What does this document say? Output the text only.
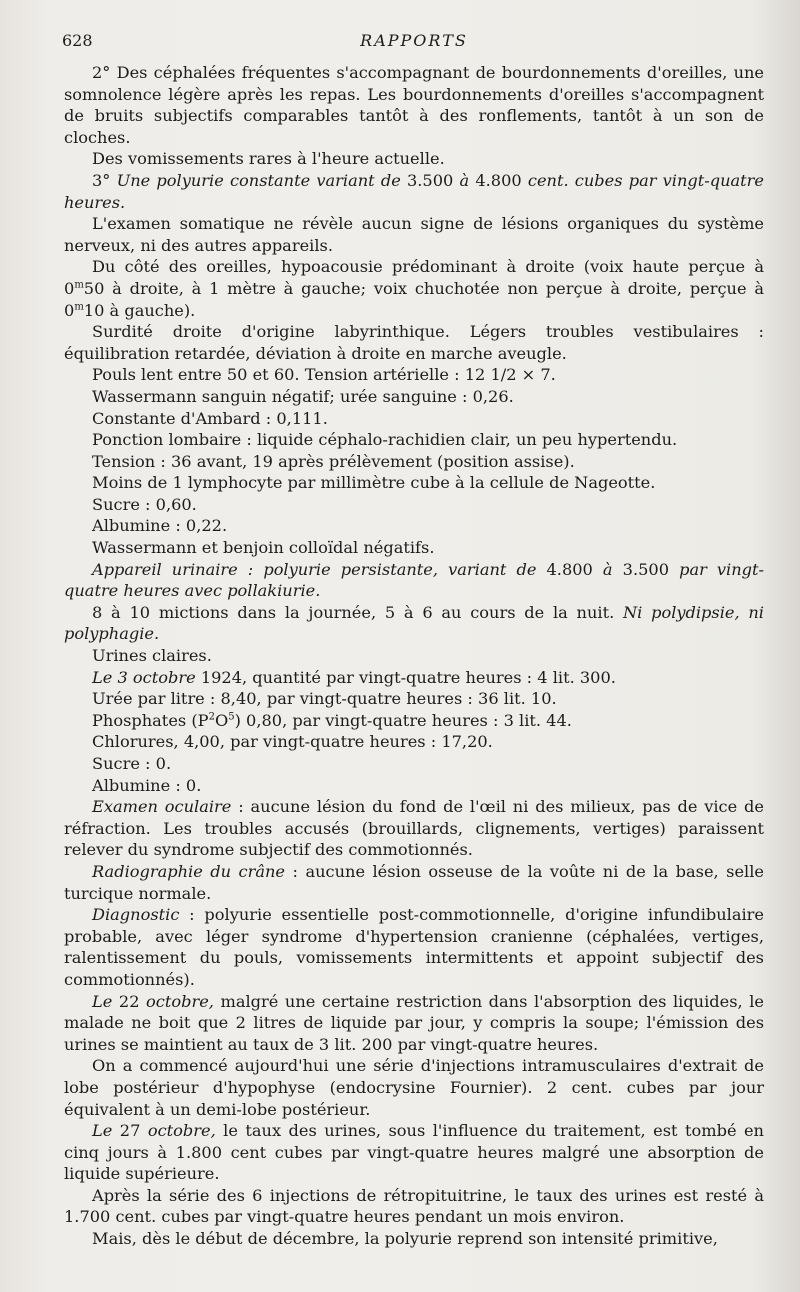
628	RAPPORTS

2° Des céphalées fréquentes s'accompagnant de bourdonnements d'oreilles, une somnolence légère après les repas. Les bourdonnements d'oreilles s'accompagnent de bruits subjectifs comparables tantôt à des ronflements, tantôt à un son de cloches.

Des vomissements rares à l'heure actuelle.

3° Une polyurie constante variant de 3.500 à 4.800 cent. cubes par vingt-quatre heures.

L'examen somatique ne révèle aucun signe de lésions organiques du système nerveux, ni des autres appareils.

Du côté des oreilles, hypoacousie prédominant à droite (voix haute perçue à 0$^m$50 à droite, à 1 mètre à gauche; voix chuchotée non perçue à droite, perçue à 0$^m$10 à gauche).

Surdité droite d'origine labyrinthique. Légers troubles vestibulaires : équilibration retardée, déviation à droite en marche aveugle.

Pouls lent entre 50 et 60. Tension artérielle : 12 1/2 × 7.

Wassermann sanguin négatif; urée sanguine : 0,26.

Constante d'Ambard : 0,111.

Ponction lombaire : liquide céphalo-rachidien clair, un peu hypertendu.

Tension : 36 avant, 19 après prélèvement (position assise).

Moins de 1 lymphocyte par millimètre cube à la cellule de Nageotte.

Sucre : 0,60.

Albumine : 0,22.

Wassermann et benjoin colloïdal négatifs.

Appareil urinaire : polyurie persistante, variant de 4.800 à 3.500 par vingt-quatre heures avec pollakiurie.

8 à 10 mictions dans la journée, 5 à 6 au cours de la nuit. Ni polydipsie, ni polyphagie.

Urines claires.

Le 3 octobre 1924, quantité par vingt-quatre heures : 4 lit. 300.

Urée par litre : 8,40, par vingt-quatre heures : 36 lit. 10.

Phosphates $(P^2O^5)$ 0,80, par vingt-quatre heures : 3 lit. 44.

Chlorures, 4,00, par vingt-quatre heures : 17,20.

Sucre : 0.

Albumine : 0.

Examen oculaire : aucune lésion du fond de l'œil ni des milieux, pas de vice de réfraction. Les troubles accusés (brouillards, clignements, vertiges) paraissent relever du syndrome subjectif des commotionnés.

Radiographie du crâne : aucune lésion osseuse de la voûte ni de la base, selle turcique normale.

Diagnostic : polyurie essentielle post-commotionnelle, d'origine infundibulaire probable, avec léger syndrome d'hypertension cranienne (céphalées, vertiges, ralentissement du pouls, vomissements intermittents et appoint subjectif des commotionnés).

Le 22 octobre, malgré une certaine restriction dans l'absorption des liquides, le malade ne boit que 2 litres de liquide par jour, y compris la soupe; l'émission des urines se maintient au taux de 3 lit. 200 par vingt-quatre heures.

On a commencé aujourd'hui une série d'injections intramusculaires d'extrait de lobe postérieur d'hypophyse (endocrysine Fournier). 2 cent. cubes par jour équivalent à un demi-lobe postérieur.

Le 27 octobre, le taux des urines, sous l'influence du traitement, est tombé en cinq jours à 1.800 cent cubes par vingt-quatre heures malgré une absorption de liquide supérieure.

Après la série des 6 injections de rétropituitrine, le taux des urines est resté à 1.700 cent. cubes par vingt-quatre heures pendant un mois environ.

Mais, dès le début de décembre, la polyurie reprend son intensité primitive,
